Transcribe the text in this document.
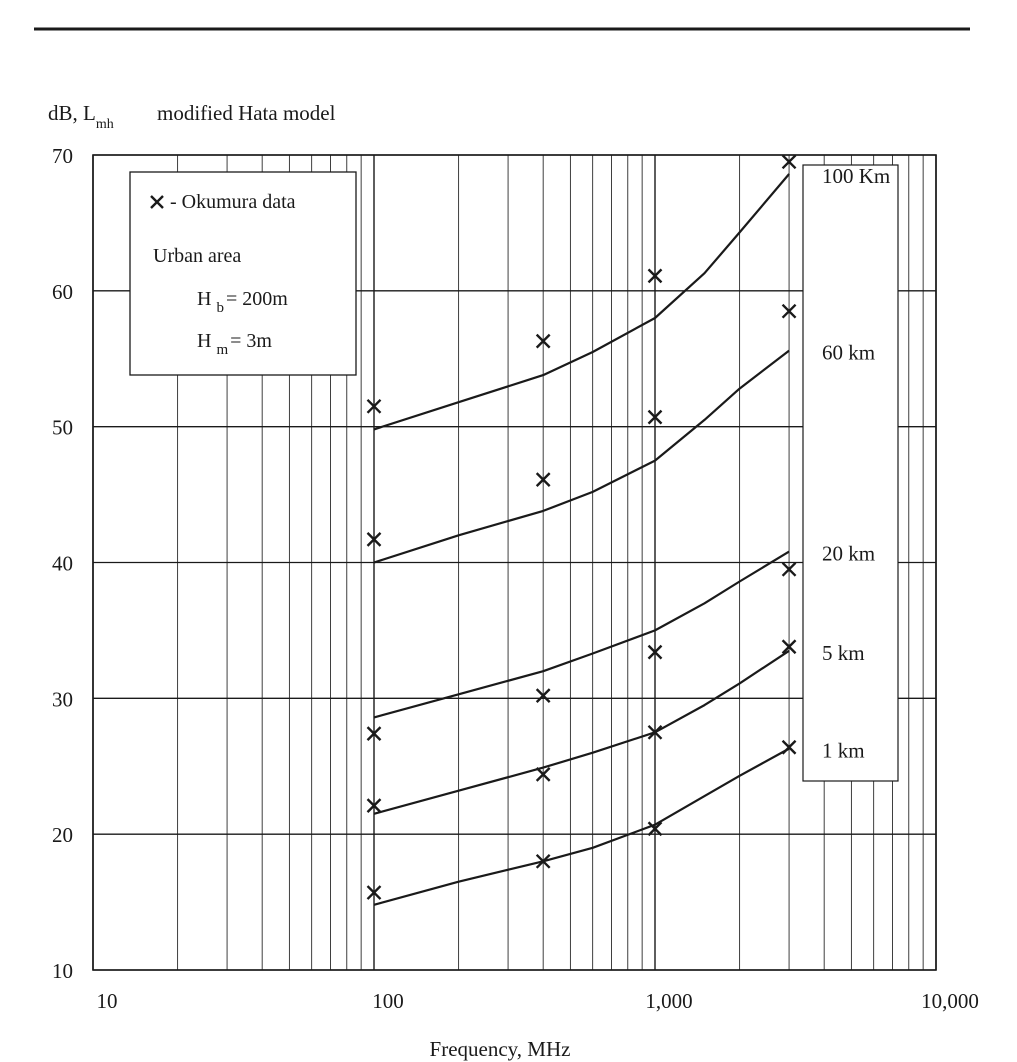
dB, $L_{mh}$ modified Hata model
10
20
30
40
50
60
70
10	100	1,000	10,000
- Okumura data
Urban area
H $_b$ = 200m
H $_m$ = 3m
100 Km
60 km
20 km
5 km
1 km
Frequency, MHz
